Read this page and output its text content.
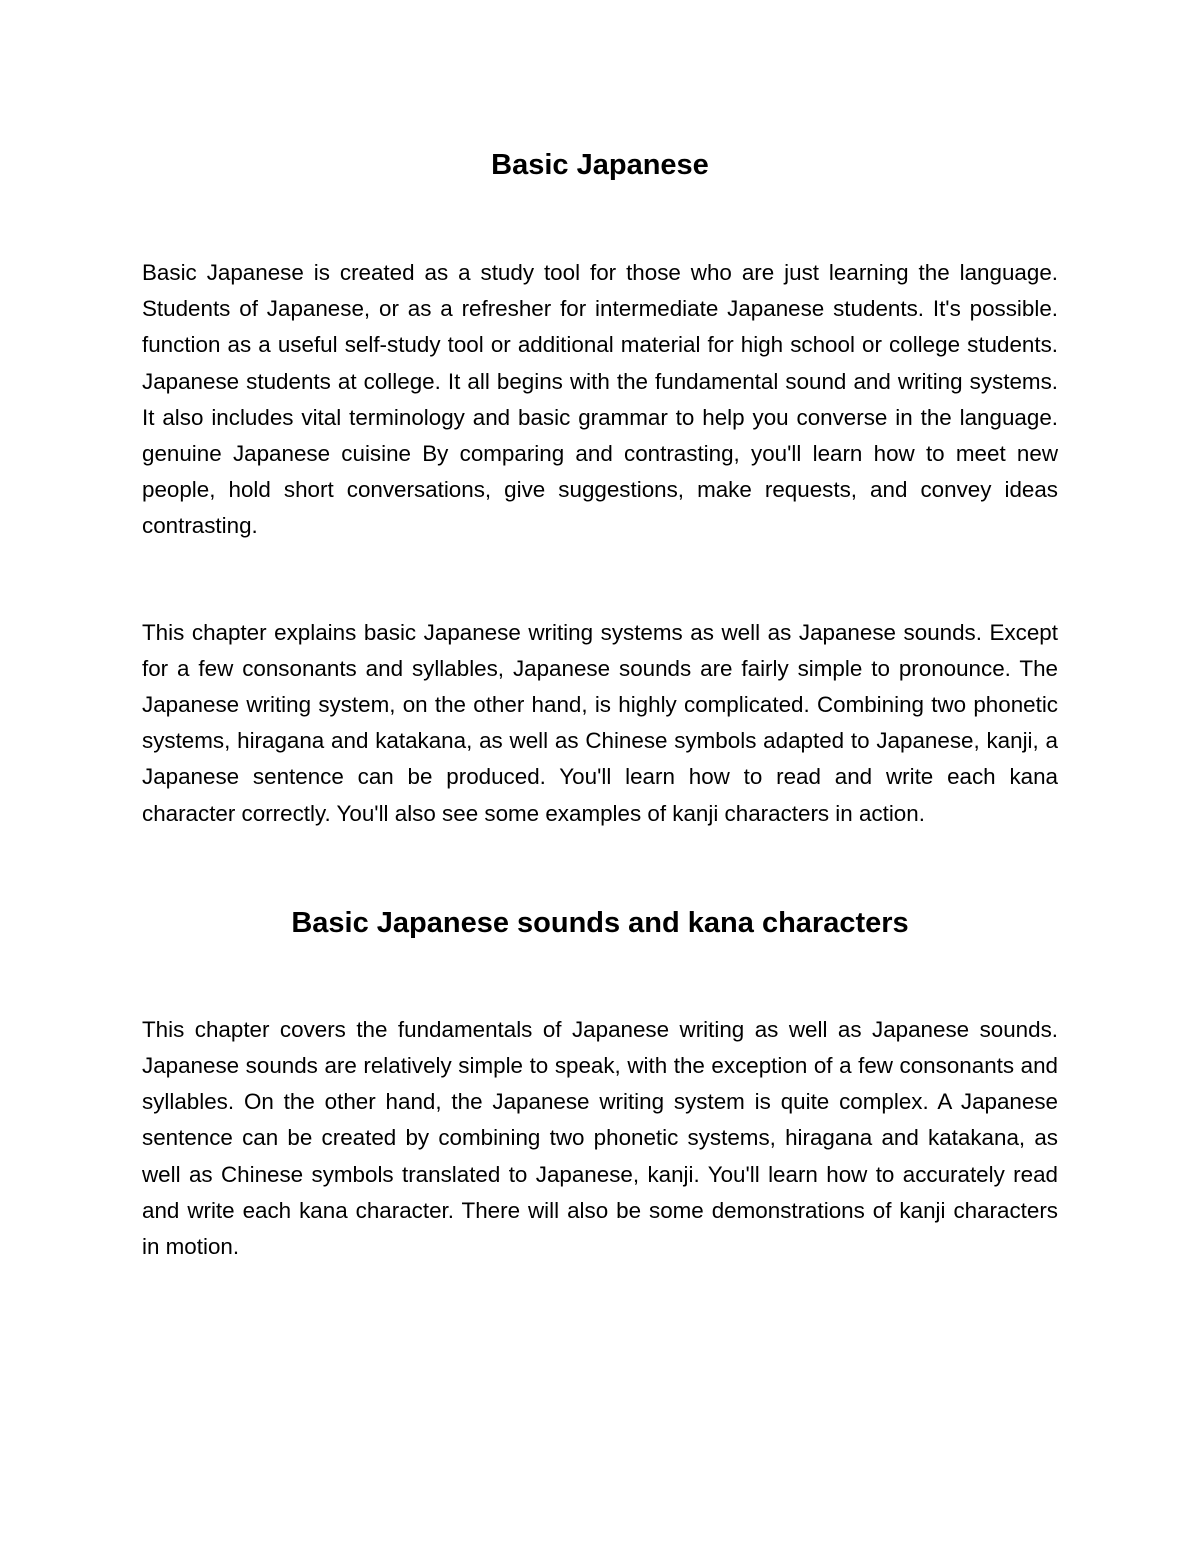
Basic Japanese

Basic Japanese is created as a study tool for those who are just learning the language. Students of Japanese, or as a refresher for intermediate Japanese students. It's possible. function as a useful self-study tool or additional material for high school or college students. Japanese students at college. It all begins with the fundamental sound and writing systems. It also includes vital terminology and basic grammar to help you converse in the language. genuine Japanese cuisine By comparing and contrasting, you'll learn how to meet new people, hold short conversations, give suggestions, make requests, and convey ideas contrasting.

This chapter explains basic Japanese writing systems as well as Japanese sounds. Except for a few consonants and syllables, Japanese sounds are fairly simple to pronounce. The Japanese writing system, on the other hand, is highly complicated. Combining two phonetic systems, hiragana and katakana, as well as Chinese symbols adapted to Japanese, kanji, a Japanese sentence can be produced. You'll learn how to read and write each kana character correctly. You'll also see some examples of kanji characters in action.

Basic Japanese sounds and kana characters

This chapter covers the fundamentals of Japanese writing as well as Japanese sounds. Japanese sounds are relatively simple to speak, with the exception of a few consonants and syllables. On the other hand, the Japanese writing system is quite complex. A Japanese sentence can be created by combining two phonetic systems, hiragana and katakana, as well as Chinese symbols translated to Japanese, kanji. You'll learn how to accurately read and write each kana character. There will also be some demonstrations of kanji characters in motion.
